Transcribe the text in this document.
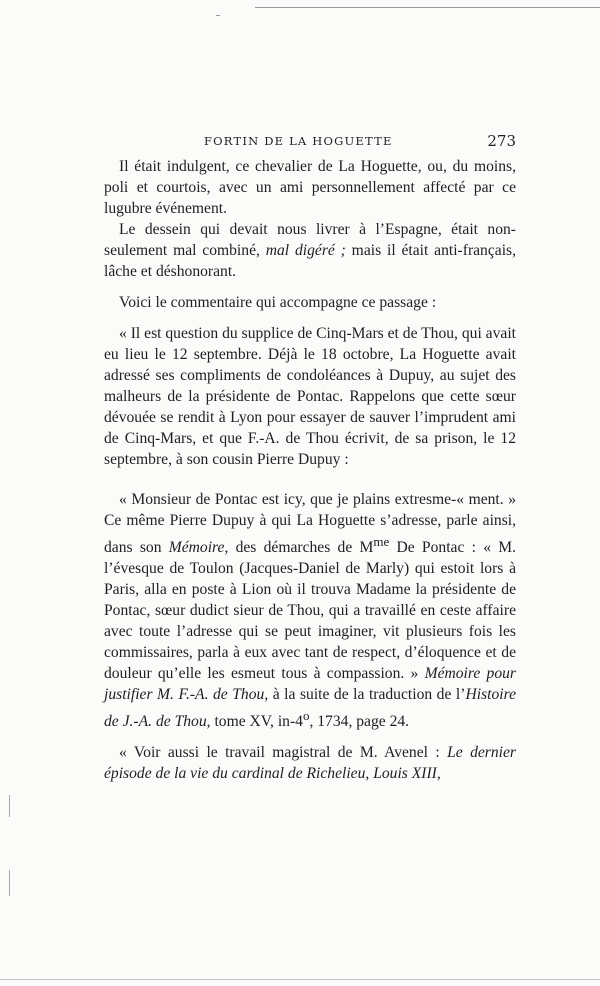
FORTIN DE LA HOGUETTE	273

Il était indulgent, ce chevalier de La Hoguette, ou, du moins, poli et courtois, avec un ami personnellement affecté par ce lugubre événement.

Le dessein qui devait nous livrer à l’Espagne, était non-seulement mal combiné, mal digéré ; mais il était anti-français, lâche et déshonorant.

Voici le commentaire qui accompagne ce passage :

« Il est question du supplice de Cinq-Mars et de Thou, qui avait eu lieu le 12 septembre. Déjà le 18 octobre, La Hoguette avait adressé ses compliments de condoléances à Dupuy, au sujet des malheurs de la présidente de Pontac. Rappelons que cette sœur dévouée se rendit à Lyon pour essayer de sauver l’imprudent ami de Cinq-Mars, et que F.-A. de Thou écrivit, de sa prison, le 12 septembre, à son cousin Pierre Dupuy :

« Monsieur de Pontac est icy, que je plains extresme-« ment. » Ce même Pierre Dupuy à qui La Hoguette s’adresse, parle ainsi, dans son Mémoire, des démarches de $M^{me}$ De Pontac : « M. l’évesque de Toulon (Jacques-Daniel de Marly) qui estoit lors à Paris, alla en poste à Lion où il trouva Madame la présidente de Pontac, sœur dudict sieur de Thou, qui a travaillé en ceste affaire avec toute l’adresse qui se peut imaginer, vit plusieurs fois les commissaires, parla à eux avec tant de respect, d’éloquence et de douleur qu’elle les esmeut tous à compassion. » Mémoire pour justifier M. F.-A. de Thou, à la suite de la traduction de l’Histoire de J.-A. de Thou, tome XV, in-4$^o$, 1734, page 24.

« Voir aussi le travail magistral de M. Avenel : Le dernier épisode de la vie du cardinal de Richelieu, Louis XIII,
